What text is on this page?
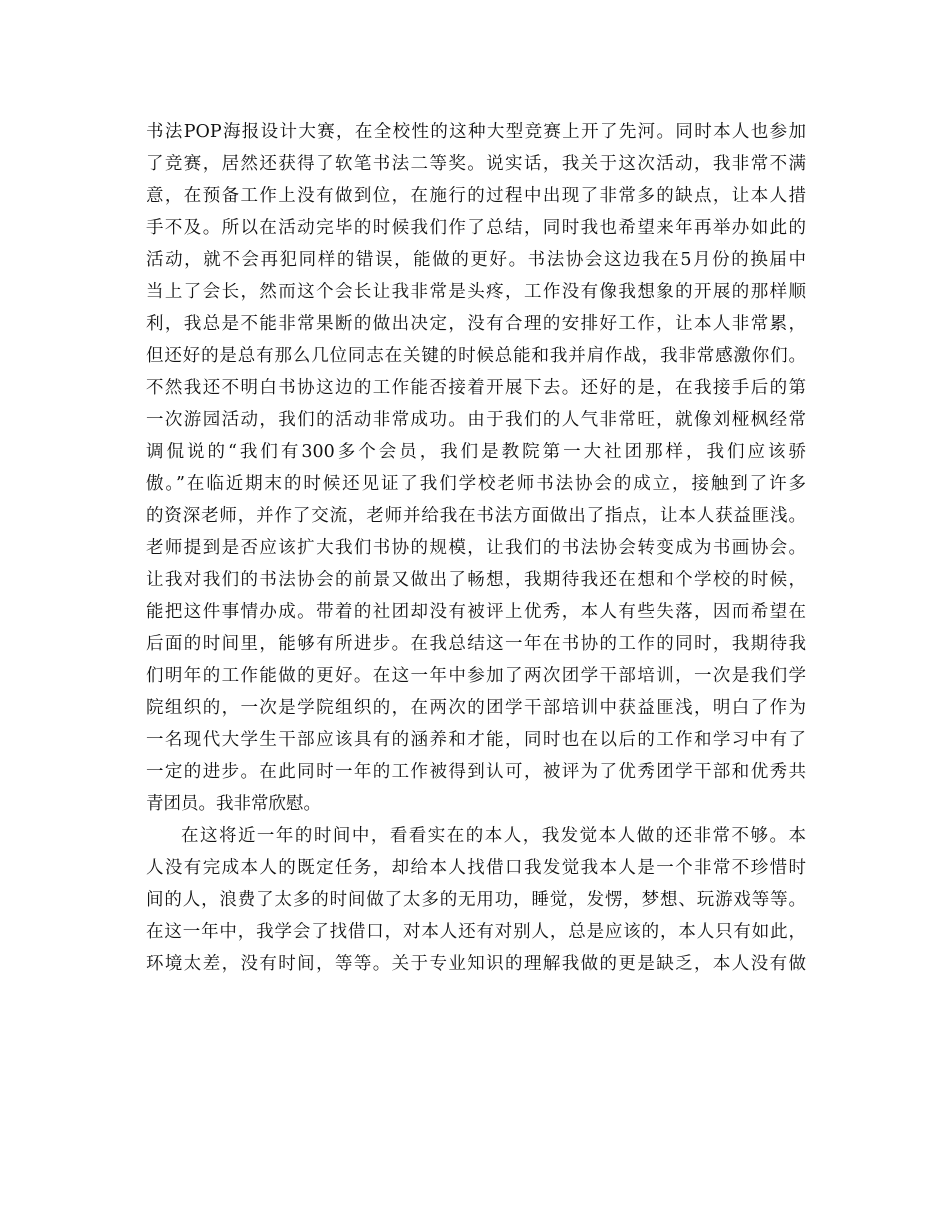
书法POP海报设计大赛，在全校性的这种大型竞赛上开了先河。同时本人也参加
了竞赛，居然还获得了软笔书法二等奖。说实话，我关于这次活动，我非常不满
意，在预备工作上没有做到位，在施行的过程中出现了非常多的缺点，让本人措
手不及。所以在活动完毕的时候我们作了总结，同时我也希望来年再举办如此的
活动，就不会再犯同样的错误，能做的更好。书法协会这边我在5月份的换届中
当上了会长，然而这个会长让我非常是头疼，工作没有像我想象的开展的那样顺
利，我总是不能非常果断的做出决定，没有合理的安排好工作，让本人非常累，
但还好的是总有那么几位同志在关键的时候总能和我并肩作战，我非常感激你们。
不然我还不明白书协这边的工作能否接着开展下去。还好的是，在我接手后的第
一次游园活动，我们的活动非常成功。由于我们的人气非常旺，就像刘桠枫经常
调侃说的“我们有300多个会员，我们是教院第一大社团那样，我们应该骄
傲。”在临近期末的时候还见证了我们学校老师书法协会的成立，接触到了许多
的资深老师，并作了交流，老师并给我在书法方面做出了指点，让本人获益匪浅。
老师提到是否应该扩大我们书协的规模，让我们的书法协会转变成为书画协会。
让我对我们的书法协会的前景又做出了畅想，我期待我还在想和个学校的时候，
能把这件事情办成。带着的社团却没有被评上优秀，本人有些失落，因而希望在
后面的时间里，能够有所进步。在我总结这一年在书协的工作的同时，我期待我
们明年的工作能做的更好。在这一年中参加了两次团学干部培训，一次是我们学
院组织的，一次是学院组织的，在两次的团学干部培训中获益匪浅，明白了作为
一名现代大学生干部应该具有的涵养和才能，同时也在以后的工作和学习中有了
一定的进步。在此同时一年的工作被得到认可，被评为了优秀团学干部和优秀共
青团员。我非常欣慰。
在这将近一年的时间中，看看实在的本人，我发觉本人做的还非常不够。本
人没有完成本人的既定任务，却给本人找借口我发觉我本人是一个非常不珍惜时
间的人，浪费了太多的时间做了太多的无用功，睡觉，发愣，梦想、玩游戏等等。
在这一年中，我学会了找借口，对本人还有对别人，总是应该的，本人只有如此，
环境太差，没有时间，等等。关于专业知识的理解我做的更是缺乏，本人没有做
